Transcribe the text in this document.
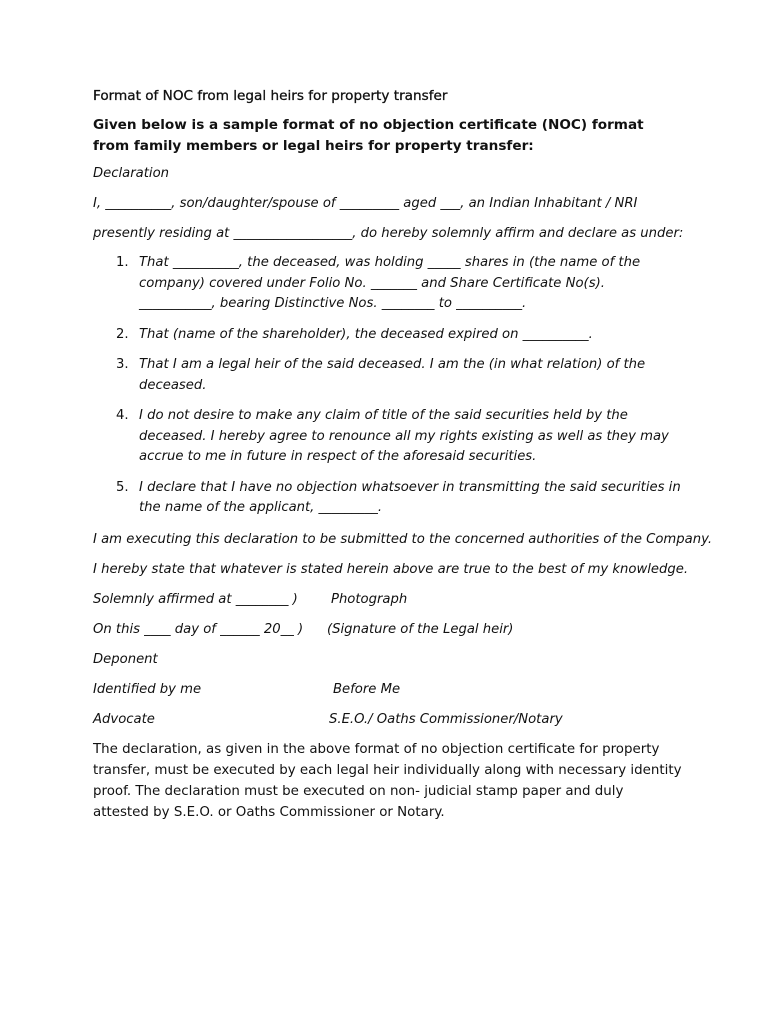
Format of NOC from legal heirs for property transfer
Given below is a sample format of no objection certificate (NOC) format from family members or legal heirs for property transfer:
Declaration
I, __________, son/daughter/spouse of _________ aged ___, an Indian Inhabitant / NRI
presently residing at __________________, do hereby solemnly affirm and declare as under:
1. That __________, the deceased, was holding _____ shares in (the name of the company) covered under Folio No. _______ and Share Certificate No(s). ___________, bearing Distinctive Nos. ________ to __________.
2. That (name of the shareholder), the deceased expired on __________.
3. That I am a legal heir of the said deceased. I am the (in what relation) of the deceased.
4. I do not desire to make any claim of title of the said securities held by the deceased. I hereby agree to renounce all my rights existing as well as they may accrue to me in future in respect of the aforesaid securities.
5. I declare that I have no objection whatsoever in transmitting the said securities in the name of the applicant, _________.
I am executing this declaration to be submitted to the concerned authorities of the Company.
I hereby state that whatever is stated herein above are true to the best of my knowledge.
Solemnly affirmed at ________ )	Photograph
On this ____ day of ______ 20__ ) (Signature of the Legal heir)
Deponent
Identified by me	Before Me
Advocate	S.E.O./ Oaths Commissioner/Notary
The declaration, as given in the above format of no objection certificate for property transfer, must be executed by each legal heir individually along with necessary identity proof. The declaration must be executed on non- judicial stamp paper and duly attested by S.E.O. or Oaths Commissioner or Notary.
